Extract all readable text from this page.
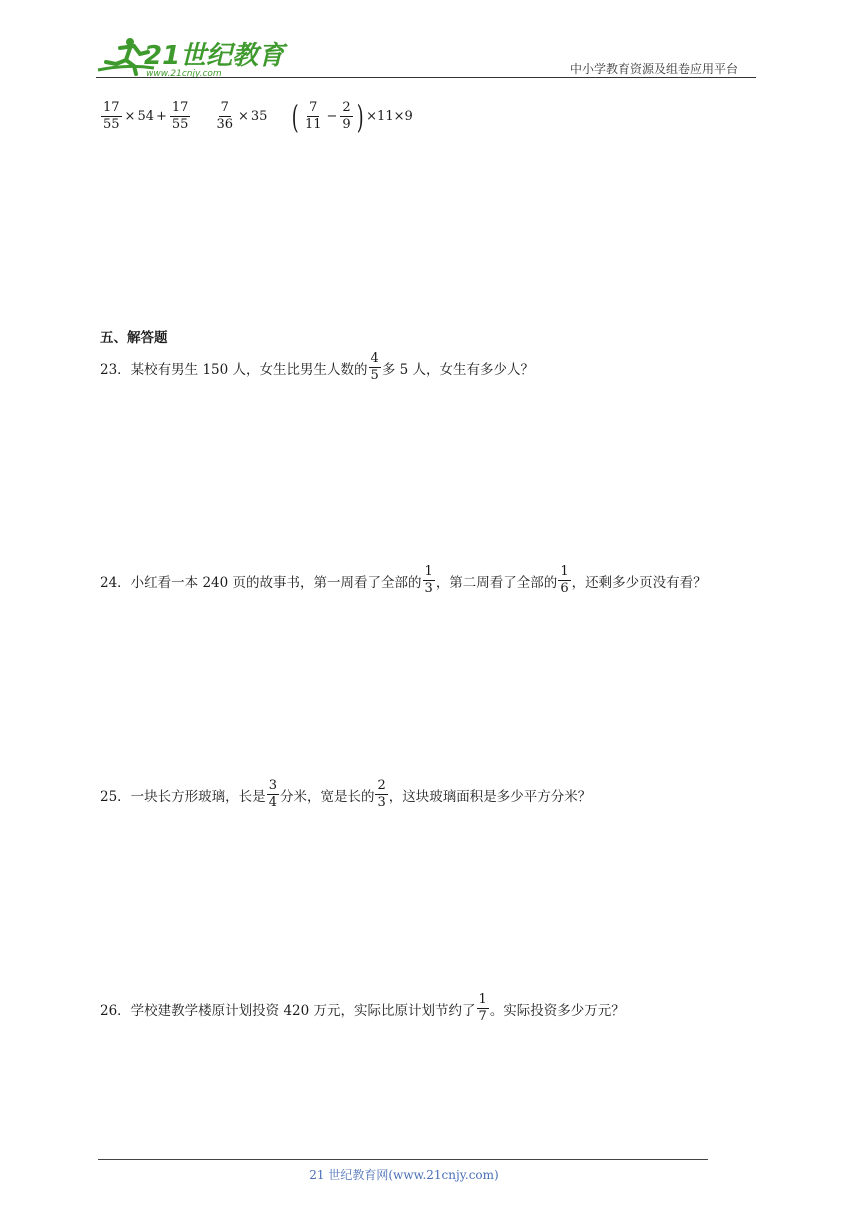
21世纪教育
www.21cnjy.com	中小学教育资源及组卷应用平台
$\frac{17}{55} \times 54 + \frac{17}{55} \frac{7}{36} \times 35$ ( $\frac{7}{11} - \frac{2}{9}$ ) ×11×9
五、解答题
23．某校有男生 150 人，女生比男生人数的 $\frac{4}{5}$ 多 5 人，女生有多少人？
24．小红看一本 240 页的故事书，第一周看了全部的 $\frac{1}{3}$ ，第二周看了全部的 $\frac{1}{6}$ ，还剩多少页没有看？
25．一块长方形玻璃，长是 $\frac{3}{4}$ 分米，宽是长的 $\frac{2}{3}$ ，这块玻璃面积是多少平方分米？
26．学校建教学楼原计划投资 420 万元，实际比原计划节约了 $\frac{1}{7}$ 。实际投资多少万元？
21 世纪教育网(www.21cnjy.com)
